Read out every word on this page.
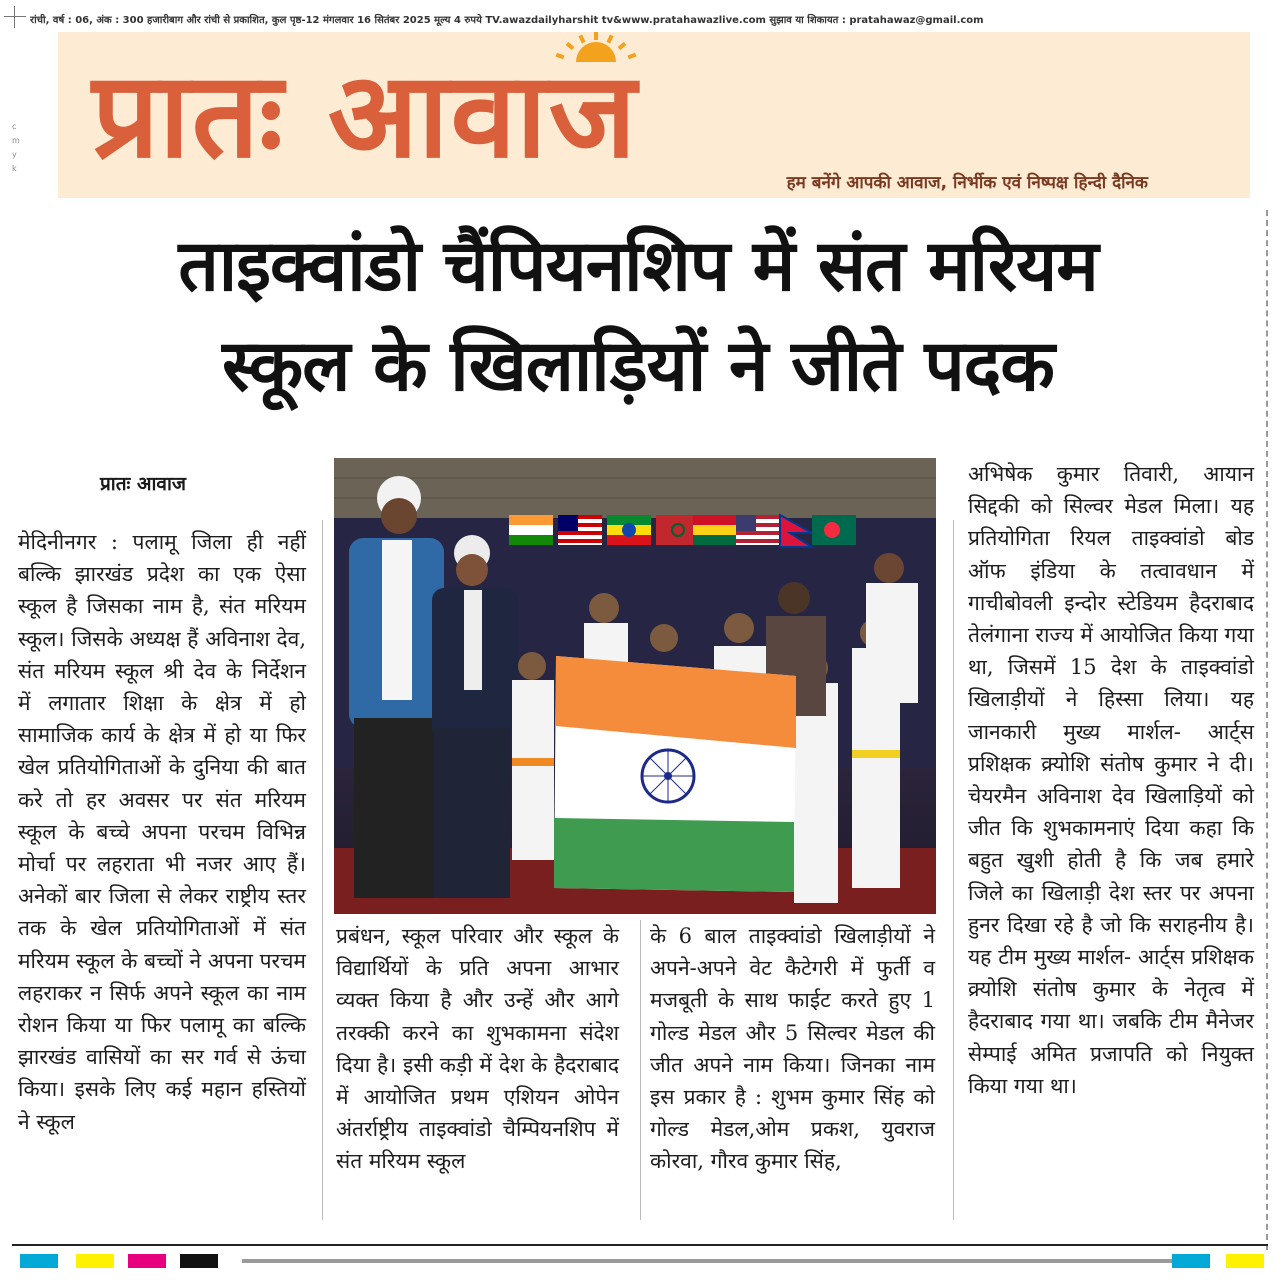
c
m
y
k
रांची, वर्ष : 06, अंक : 300 हजारीबाग और रांची से प्रकाशित, कुल पृष्ठ-12 मंगलवार 16 सितंबर 2025 मूल्य 4 रुपये TV.awazdailyharshit tv&www.pratahawazlive.com सुझाव या शिकायत : pratahawaz@gmail.com
प्रातः आवाज	हम बनेंगे आपकी आवाज, निर्भीक एवं निष्पक्ष हिन्दी दैनिक
ताइक्वांडो चैंपियनशिप में संत मरियम
स्कूल के खिलाड़ियों ने जीते पदक
प्रातः आवाज

मेदिनीनगर : पलामू जिला ही नहीं बल्कि झारखंड प्रदेश का एक ऐसा स्कूल है जिसका नाम है, संत मरियम स्कूल। जिसके अध्यक्ष हैं अविनाश देव, संत मरियम स्कूल श्री देव के निर्देशन में लगातार शिक्षा के क्षेत्र में हो सामाजिक कार्य के क्षेत्र में हो या फिर खेल प्रतियोगिताओं के दुनिया की बात करे तो हर अवसर पर संत मरियम स्कूल के बच्चे अपना परचम विभिन्न मोर्चा पर लहराता भी नजर आए हैं। अनेकों बार जिला से लेकर राष्ट्रीय स्तर तक के खेल प्रतियोगिताओं में संत मरियम स्कूल के बच्चों ने अपना परचम लहराकर न सिर्फ अपने स्कूल का नाम रोशन किया या फिर पलामू का बल्कि झारखंड वासियों का सर गर्व से ऊंचा किया। इसके लिए कई महान हस्तियों ने स्कूल

प्रबंधन, स्कूल परिवार और स्कूल के विद्यार्थियों के प्रति अपना आभार व्यक्त किया है और उन्हें और आगे तरक्की करने का शुभकामना संदेश दिया है। इसी कड़ी में देश के हैदराबाद में आयोजित प्रथम एशियन ओपेन अंतर्राष्ट्रीय ताइक्वांडो चैम्पियनशिप में संत मरियम स्कूल

के 6 बाल ताइक्वांडो खिलाड़ीयों ने अपने-अपने वेट कैटेगरी में फुर्ती व मजबूती के साथ फाईट करते हुए 1 गोल्ड मेडल और 5 सिल्वर मेडल की जीत अपने नाम किया। जिनका नाम इस प्रकार है : शुभम कुमार सिंह को गोल्ड मेडल,ओम प्रकश, युवराज कोरवा, गौरव कुमार सिंह,

अभिषेक कुमार तिवारी, आयान सिद्दकी को सिल्वर मेडल मिला। यह प्रतियोगिता रियल ताइक्वांडो बोड ऑफ इंडिया के तत्वावधान में गाचीबोवली इन्दोर स्टेडियम हैदराबाद तेलंगाना राज्य में आयोजित किया गया था, जिसमें 15 देश के ताइक्वांडो खिलाड़ीयों ने हिस्सा लिया। यह जानकारी मुख्य मार्शल- आर्ट्स प्रशिक्षक क्र्योशि संतोष कुमार ने दी। चेयरमैन अविनाश देव खिलाड़ियों को जीत कि शुभकामनाएं दिया कहा कि बहुत खुशी होती है कि जब हमारे जिले का खिलाड़ी देश स्तर पर अपना हुनर दिखा रहे है जो कि सराहनीय है। यह टीम मुख्य मार्शल- आर्ट्स प्रशिक्षक क्र्योशि संतोष कुमार के नेतृत्व में हैदराबाद गया था। जबकि टीम मैनेजर सेम्पाई अमित प्रजापति को नियुक्त किया गया था।
